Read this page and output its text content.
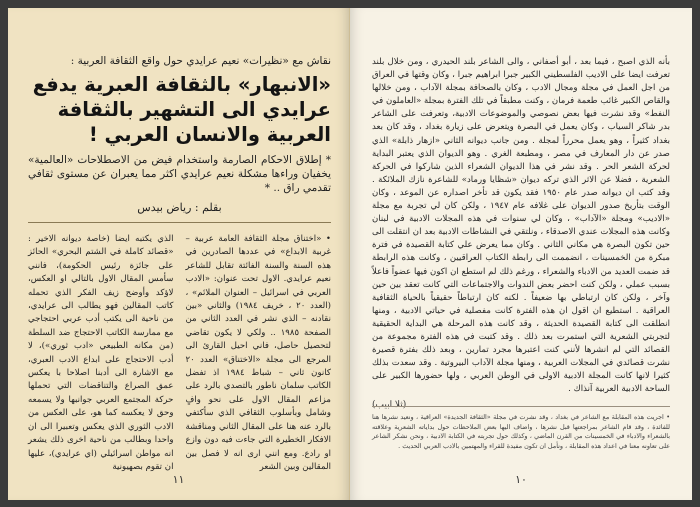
نقاش مع «نظيرات» نعيم عرايدي حول واقع الثقافة العربية :
«الانبهار» بالثقافة العبرية يدفع عرايدي الى التشهير بالثقافة العربية والانسان العربي !
* إطلاق الاحكام الصارمة واستخدام فيض من الاصطلاحات «العالمية» يخفيان وراءها مشكلة نعيم عرايدي اكثر مما يعبران عن مستوى ثقافي تقدمي راق .. *
بقلم : رياض بيدس
• «اختناق مجلة الثقافة العامة عربية – غربية الابداع» في عددها الصادرين في هذه السنة والسنة الفائتة تقابل للشاعر نعيم عرايدي. الاول تحت عنوان: «الادب العربي في اسرائيل – العنوان الملائم» ، (العدد ٢٠ ، خريف ١٩٨٤) والثاني «بين نقادنه – الذي نشر في العدد الثاني من الصفحة ١٩٨٥ .. ولكي لا يكون تقاضي لتحصيل حاصل، فاني احيل القارئ الى المرجع الى مجلة «الاختناق» العدد ٢٠ كانون ثاني – شباط ١٩٨٤ اذ تفضل الكاتب سلمان ناطور بالتصدي بالرد على مزاعم المقال الاول على نحو وافٍ وشامل وبأسلوب الثقافي الذي سأكتفي بالرد عنه هنا على المقال الثاني ومناقشة الافكار الخطيرة التي جاءت فيه دون وازع او رادع. ومع انني ارى انه لا فصل بين المقالين وبين الشعر
الذي يكتبه ايضا (خاصة ديوانه الاخير : «قصائد كاملة في الشتم البحري» الحائز على جائزة رئيس الحكومة)، فانني سأمس المقال الاول بالتالي او العكس، لاؤكد وأوضح زيف الفكر الذي تحمله كاتب المقالين فهو يطالب الى عرايدي، من ناحية الى يكتب أدب عربي احتجاجي مع ممارسة الكاتب الاحتجاج ضد السلطة (من مكانه الطبيعي «ادب ثوري»)، لا أدب الاحتجاج على ابداع الادب العبري، مع الاشارة الى أدبنا اصلاحا با يعكس عمق الصراع والتناقضات التي تحملها حركة المجتمع العربي جوانبها ولا يسمعه وحق لا يعكسه كما هو، على العكس من الادب الثوري الذي يعكس وتعبيرا الى ان واحدا وبطالب من ناحية اخرى ذلك يشعر انه مواطن اسرائيلي (اي عرايدي)، عليها ان تقوم بصهيونية
١١
بأنه الذي اصبح ، فيما بعد ، أبو أصفاني ، والى الشاعر بلند الحيدري ، ومن خلال بلند تعرفت ايضا على الاديب الفلسطيني الكبير جبرا ابراهيم جبرا ، وكان وقتها في العراق من اجل العمل في مجلة ومجال الادب ، وكان بالصحافة بمجلة الآداب ، ومن خلالها والقاص الكبير غائب طعمة فرمان ، وكنت مطبقاً في تلك الفترة بمجلة «العاملون في النفط» وقد نشرت فيها بعض نصوصي والموضوعات الادبية، وتعرفت على الشاعر بدر شاكر السياب ، وكان يعمل في البصرة ويتعرض على زيارة بغداد ، وقد كان بعد بغداد كثيراً ، وهو يعمل محرراً لمجلة . ومن جانب ديوانه الثاني «ازهار ذابلة» الذي صدر عن دار المعارف في مصر ، ومطبعة الغري . وهو الديوان الذي يعتبر البداية لحركة الشعر الحر . وقد نشر في هذا الديوان الشعراء الذين شاركوا في الحركة الشعرية ، فضلا عن الاثر الذي تركه ديوان «شظايا ورماد» للشاعرة نازك الملائكة . وقد كتب ان ديوانه صدر عام ١٩٥٠ فقد يكون قد تأخر اصداره عن الموعد ، وكان الوقت بتأريخ صدور الديوان على غلافه عام ١٩٤٧ ، ولكن كان لي تجربة مع مجلة «الاديب» ومجلة «الآداب» ، وكان لي سنوات في هذه المجلات الادبية في لبنان وكانت هذه المجلات عندي الاصدقاء ، ونلتقي في النشاطات الادبية بعد ان انتقلت الى حين تكون البصرة هي مكاني الثاني . وكان مما يعرض علي كتابة القصيدة في فترة مبكرة من الخمسينات ، انضممت الى رابطة الكتاب العراقيين ، وكانت هذه الرابطة قد ضمت العديد من الادباء والشعراء ، ورغم ذلك لم استطع ان اكون فيها عضواً فاعلاً بسبب عملي ، ولكن كنت احضر بعض الندوات والاجتماعات التي كانت تعقد بين حين وآخر ، ولكن كان ارتباطي بها ضعيفاً . لكنه كان ارتباطاً حقيقياً بالحياة الثقافية العراقية . استطيع ان اقول ان هذه الفترة كانت مفصلية في حياتي الادبية ، ومنها انطلقت الى كتابة القصيدة الحديثة ، وقد كانت هذه المرحلة هي البداية الحقيقية لتجربتي الشعرية التي استمرت بعد ذلك . وقد كتبت في هذه الفترة مجموعة من القصائد التي لم انشرها لأنني كنت اعتبرها مجرد تمارين ، وبعد ذلك بفترة قصيرة نشرت قصائدي في المجلات العربية ، ومنها مجلة الآداب البيروتية . وقد سعدت بذلك كثيرا لانها كانت المجلة الادبية الاولى في الوطن العربي ، ولها حضورها الكبير على الساحة الادبية العربية آنذاك .
(ثلا ابيب)
• اجريت هذه المقابلة مع الشاعر في بغداد ، وقد نشرت في مجلة «الثقافة الجديدة» العراقية ، ونعيد نشرها هنا للفائدة ، وقد قام الشاعر بمراجعتها قبل نشرها ، واضاف اليها بعض الملاحظات حول بداياته الشعرية وعلاقته بالشعراء والادباء في الخمسينات من القرن الماضي ، وكذلك حول تجربته في الكتابة الادبية ، ونحن نشكر الشاعر على تعاونه معنا في اعداد هذه المقابلة ، ونأمل ان تكون مفيدة للقراء والمهتمين بالادب العربي الحديث .
١٠
